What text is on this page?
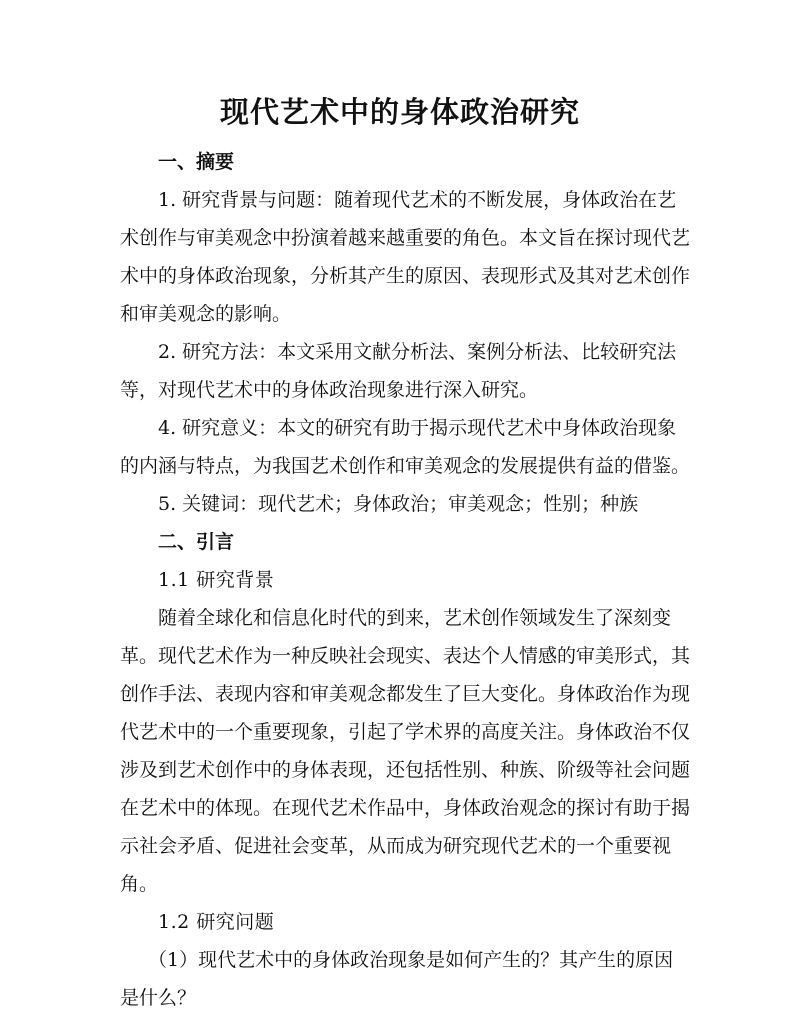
现代艺术中的身体政治研究

一、摘要

1. 研究背景与问题：随着现代艺术的不断发展，身体政治在艺术创作与审美观念中扮演着越来越重要的角色。本文旨在探讨现代艺术中的身体政治现象，分析其产生的原因、表现形式及其对艺术创作和审美观念的影响。

2. 研究方法：本文采用文献分析法、案例分析法、比较研究法等，对现代艺术中的身体政治现象进行深入研究。

4. 研究意义：本文的研究有助于揭示现代艺术中身体政治现象的内涵与特点，为我国艺术创作和审美观念的发展提供有益的借鉴。

5. 关键词：现代艺术；身体政治；审美观念；性别；种族

二、引言

1.1 研究背景

随着全球化和信息化时代的到来，艺术创作领域发生了深刻变革。现代艺术作为一种反映社会现实、表达个人情感的审美形式，其创作手法、表现内容和审美观念都发生了巨大变化。身体政治作为现代艺术中的一个重要现象，引起了学术界的高度关注。身体政治不仅涉及到艺术创作中的身体表现，还包括性别、种族、阶级等社会问题在艺术中的体现。在现代艺术作品中，身体政治观念的探讨有助于揭示社会矛盾、促进社会变革，从而成为研究现代艺术的一个重要视角。

1.2 研究问题

（1）现代艺术中的身体政治现象是如何产生的？其产生的原因是什么？
